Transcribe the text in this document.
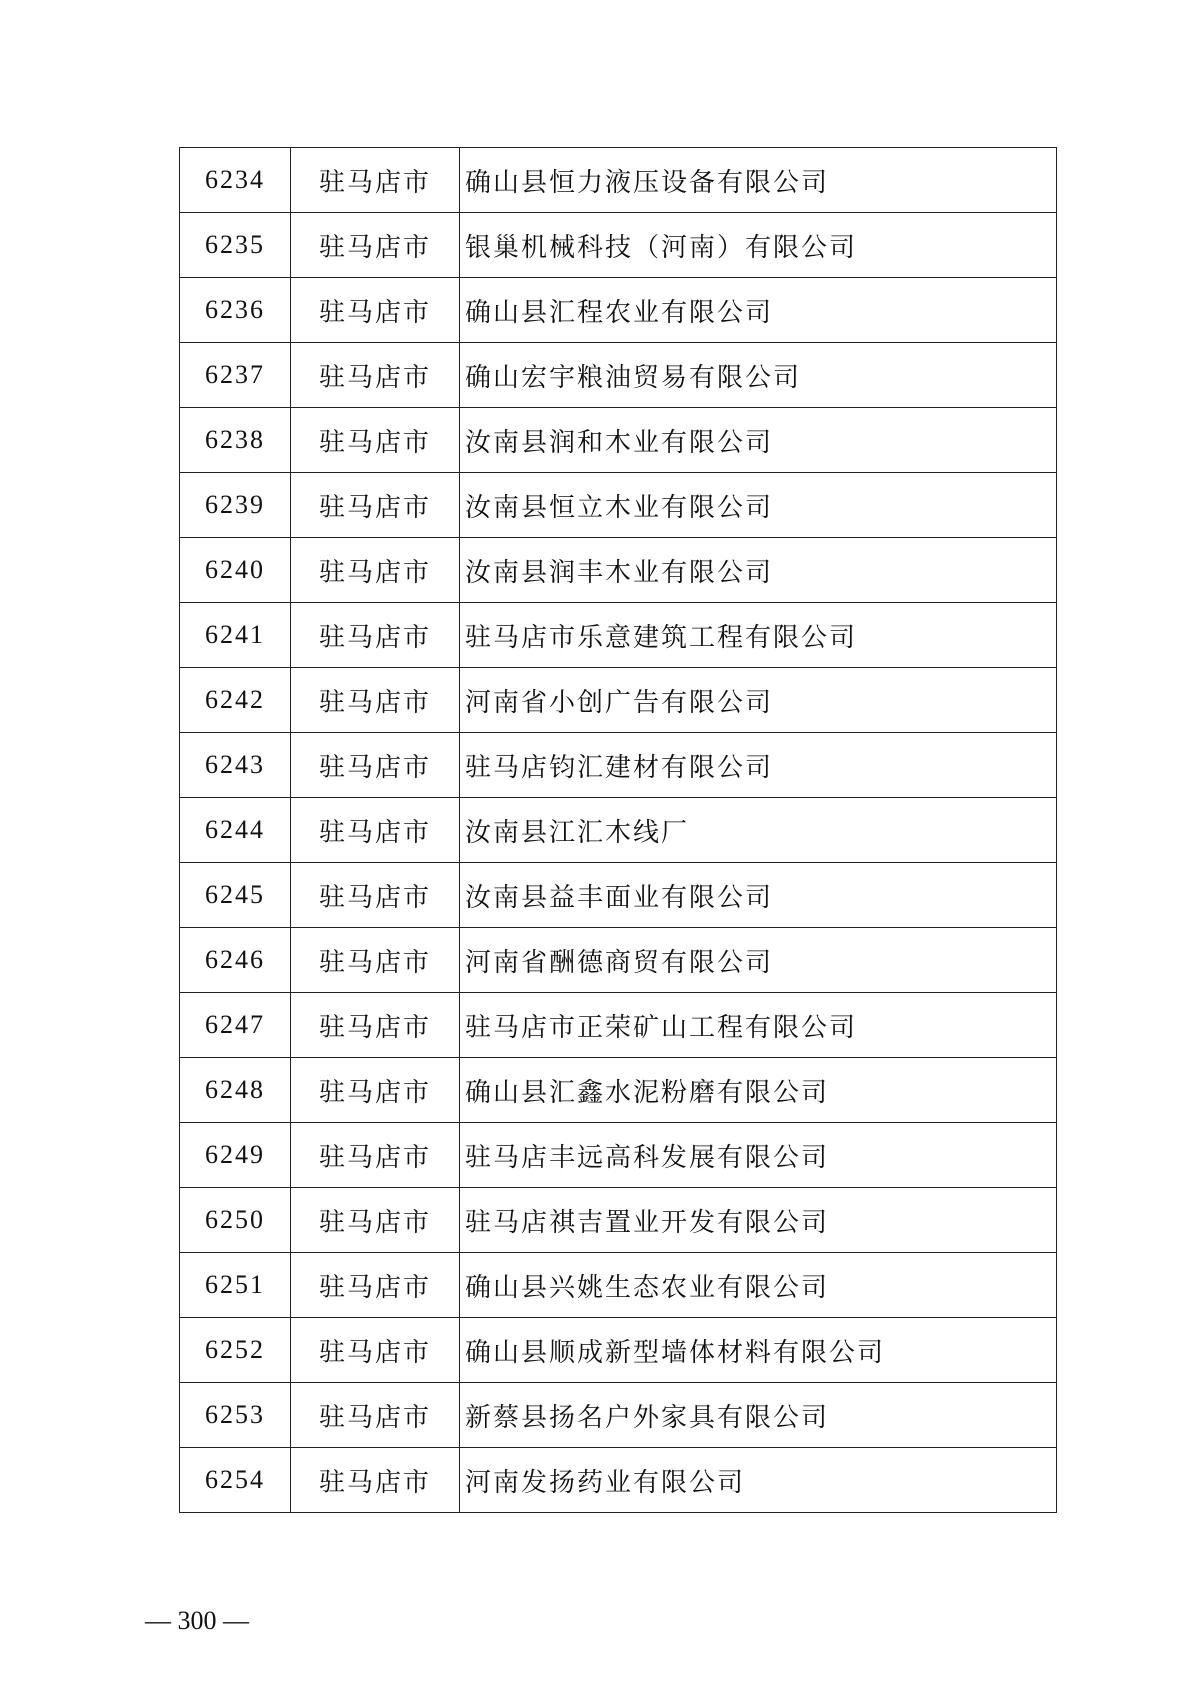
6234	驻马店市	确山县恒力液压设备有限公司
6235	驻马店市	银巢机械科技（河南）有限公司
6236	驻马店市	确山县汇程农业有限公司
6237	驻马店市	确山宏宇粮油贸易有限公司
6238	驻马店市	汝南县润和木业有限公司
6239	驻马店市	汝南县恒立木业有限公司
6240	驻马店市	汝南县润丰木业有限公司
6241	驻马店市	驻马店市乐意建筑工程有限公司
6242	驻马店市	河南省小创广告有限公司
6243	驻马店市	驻马店钧汇建材有限公司
6244	驻马店市	汝南县江汇木线厂
6245	驻马店市	汝南县益丰面业有限公司
6246	驻马店市	河南省酬德商贸有限公司
6247	驻马店市	驻马店市正荣矿山工程有限公司
6248	驻马店市	确山县汇鑫水泥粉磨有限公司
6249	驻马店市	驻马店丰远高科发展有限公司
6250	驻马店市	驻马店祺吉置业开发有限公司
6251	驻马店市	确山县兴姚生态农业有限公司
6252	驻马店市	确山县顺成新型墙体材料有限公司
6253	驻马店市	新蔡县扬名户外家具有限公司
6254	驻马店市	河南发扬药业有限公司
— 300 —
